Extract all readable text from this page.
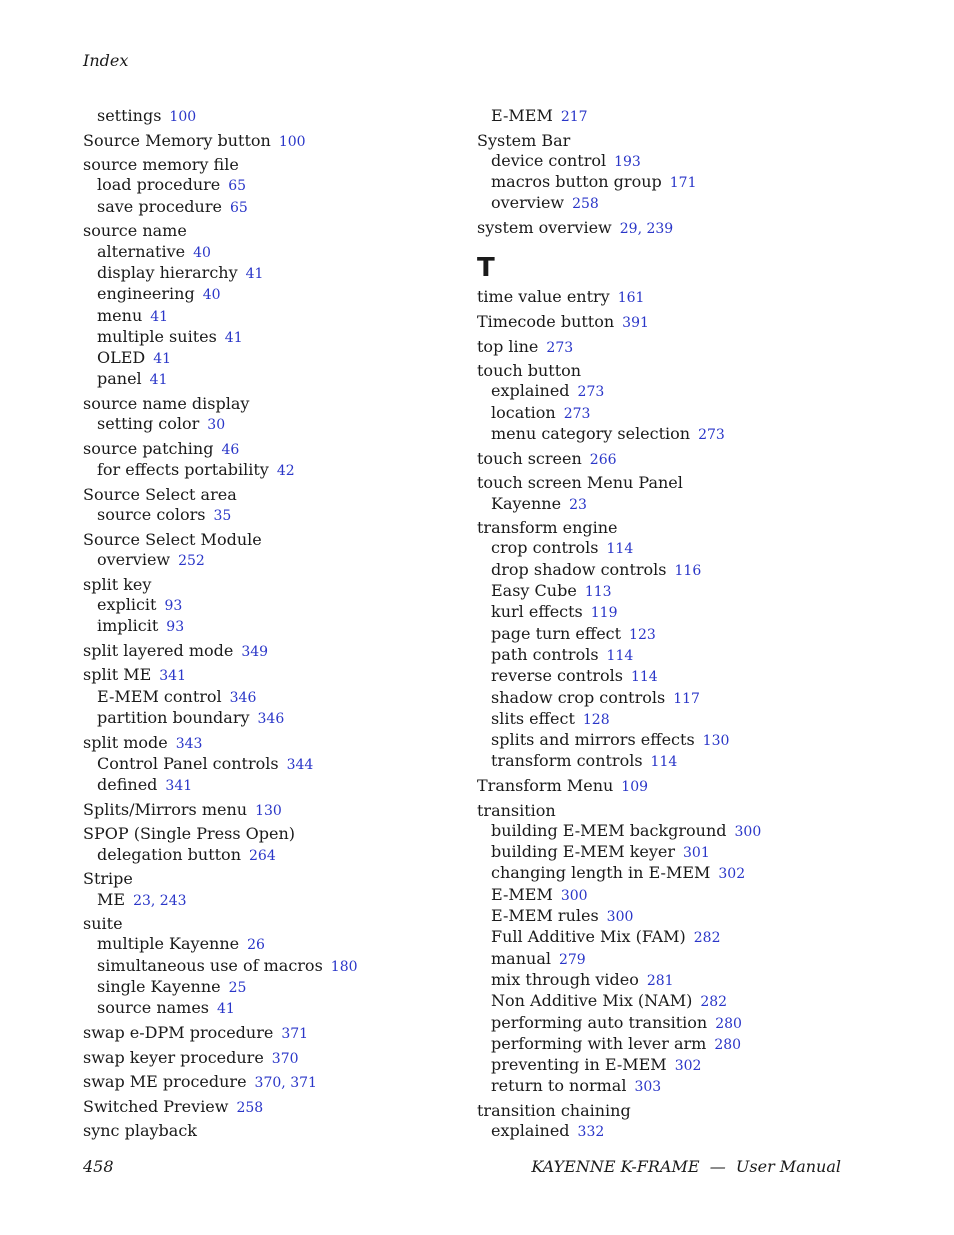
Index
settings 100
Source Memory button 100
source memory file
load procedure 65
save procedure 65
source name
alternative 40
display hierarchy 41
engineering 40
menu 41
multiple suites 41
OLED 41
panel 41
source name display
setting color 30
source patching 46
for effects portability 42
Source Select area
source colors 35
Source Select Module
overview 252
split key
explicit 93
implicit 93
split layered mode 349
split ME 341
E-MEM control 346
partition boundary 346
split mode 343
Control Panel controls 344
defined 341
Splits/Mirrors menu 130
SPOP (Single Press Open)
delegation button 264
Stripe
ME 23, 243
suite
multiple Kayenne 26
simultaneous use of macros 180
single Kayenne 25
source names 41
swap e-DPM procedure 371
swap keyer procedure 370
swap ME procedure 370, 371
Switched Preview 258
sync playback
E-MEM 217
System Bar
device control 193
macros button group 171
overview 258
system overview 29, 239
T
time value entry 161
Timecode button 391
top line 273
touch button
explained 273
location 273
menu category selection 273
touch screen 266
touch screen Menu Panel
Kayenne 23
transform engine
crop controls 114
drop shadow controls 116
Easy Cube 113
kurl effects 119
page turn effect 123
path controls 114
reverse controls 114
shadow crop controls 117
slits effect 128
splits and mirrors effects 130
transform controls 114
Transform Menu 109
transition
building E-MEM background 300
building E-MEM keyer 301
changing length in E-MEM 302
E-MEM 300
E-MEM rules 300
Full Additive Mix (FAM) 282
manual 279
mix through video 281
Non Additive Mix (NAM) 282
performing auto transition 280
performing with lever arm 280
preventing in E-MEM 302
return to normal 303
transition chaining
explained 332
458	KAYENNE K-FRAME — User Manual
